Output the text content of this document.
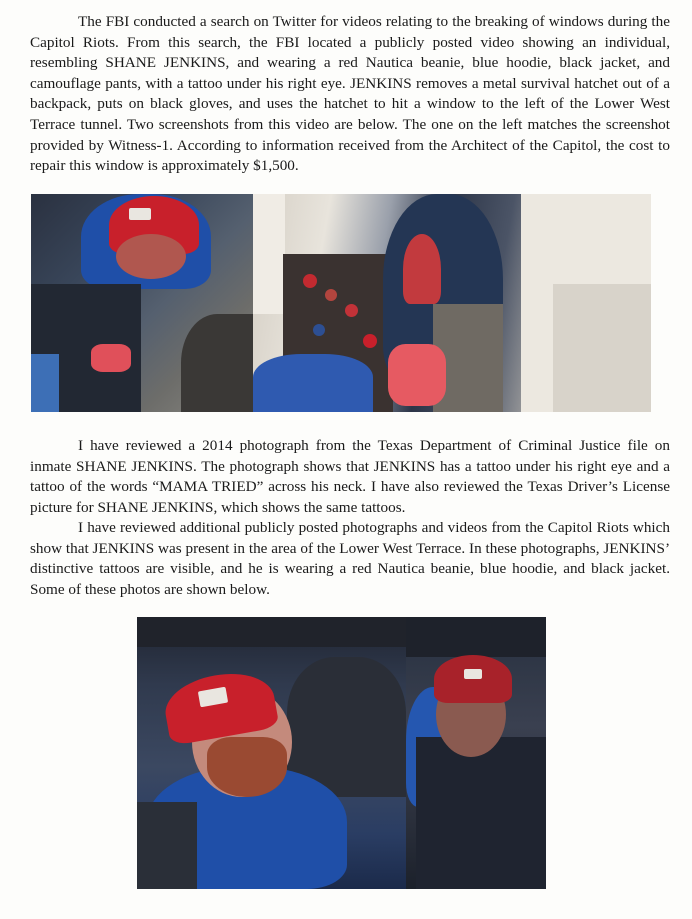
The FBI conducted a search on Twitter for videos relating to the breaking of windows during the Capitol Riots. From this search, the FBI located a publicly posted video showing an individual, resembling SHANE JENKINS, and wearing a red Nautica beanie, blue hoodie, black jacket, and camouflage pants, with a tattoo under his right eye. JENKINS removes a metal survival hatchet out of a backpack, puts on black gloves, and uses the hatchet to hit a window to the left of the Lower West Terrace tunnel. Two screenshots from this video are below. The one on the left matches the screenshot provided by Witness-1. According to information received from the Architect of the Capitol, the cost to repair this window is approximately $1,500.

I have reviewed a 2014 photograph from the Texas Department of Criminal Justice file on inmate SHANE JENKINS. The photograph shows that JENKINS has a tattoo under his right eye and a tattoo of the words “MAMA TRIED” across his neck. I have also reviewed the Texas Driver’s License picture for SHANE JENKINS, which shows the same tattoos.

I have reviewed additional publicly posted photographs and videos from the Capitol Riots which show that JENKINS was present in the area of the Lower West Terrace. In these photographs, JENKINS’ distinctive tattoos are visible, and he is wearing a red Nautica beanie, blue hoodie, and black jacket. Some of these photos are shown below.
